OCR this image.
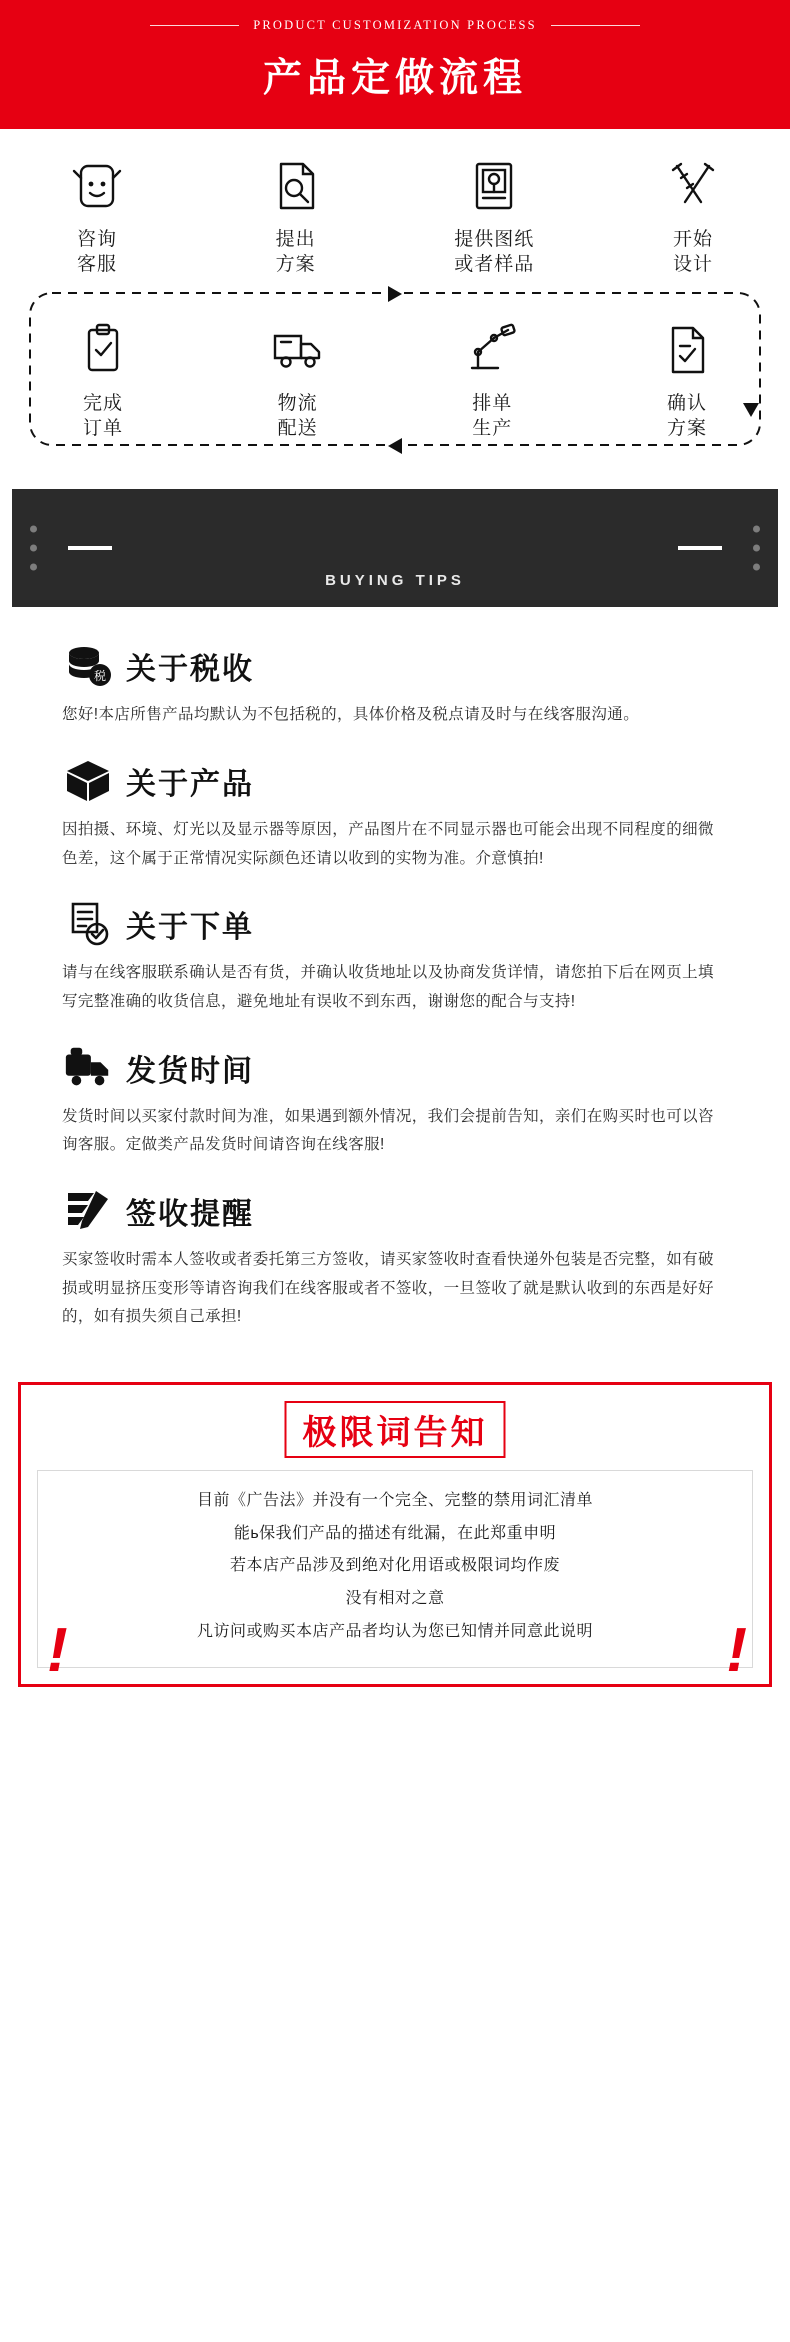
PRODUCT CUSTOMIZATION PROCESS
产品定做流程
咨询
客服
提出
方案
提供图纸
或者样品
开始
设计
完成
订单
物流
配送
排单
生产
确认
方案
购买须知
BUYING TIPS
税 关于税收
您好!本店所售产品均默认为不包括税的，具体价格及税点请及时与在线客服沟通。
关于产品
因拍摄、环境、灯光以及显示器等原因，产品图片在不同显示器也可能会出现不同程度的细微色差，这个属于正常情况实际颜色还请以收到的实物为准。介意慎拍!
关于下单
请与在线客服联系确认是否有货，并确认收货地址以及协商发货详情，请您拍下后在网页上填写完整准确的收货信息，避免地址有误收不到东西，谢谢您的配合与支持!
发货时间
发货时间以买家付款时间为准，如果遇到额外情况，我们会提前告知，亲们在购买时也可以咨询客服。定做类产品发货时间请咨询在线客服!
签收提醒
买家签收时需本人签收或者委托第三方签收，请买家签收时查看快递外包装是否完整，如有破损或明显挤压变形等请咨询我们在线客服或者不签收，一旦签收了就是默认收到的东西是好好的，如有损失须自己承担!
极限词告知
目前《广告法》并没有一个完全、完整的禁用词汇清单
能ь保我们产品的描述有纰漏，在此郑重申明
若本店产品涉及到绝对化用语或极限词均作废
没有相对之意
凡访问或购买本店产品者均认为您已知情并同意此说明
!	!
